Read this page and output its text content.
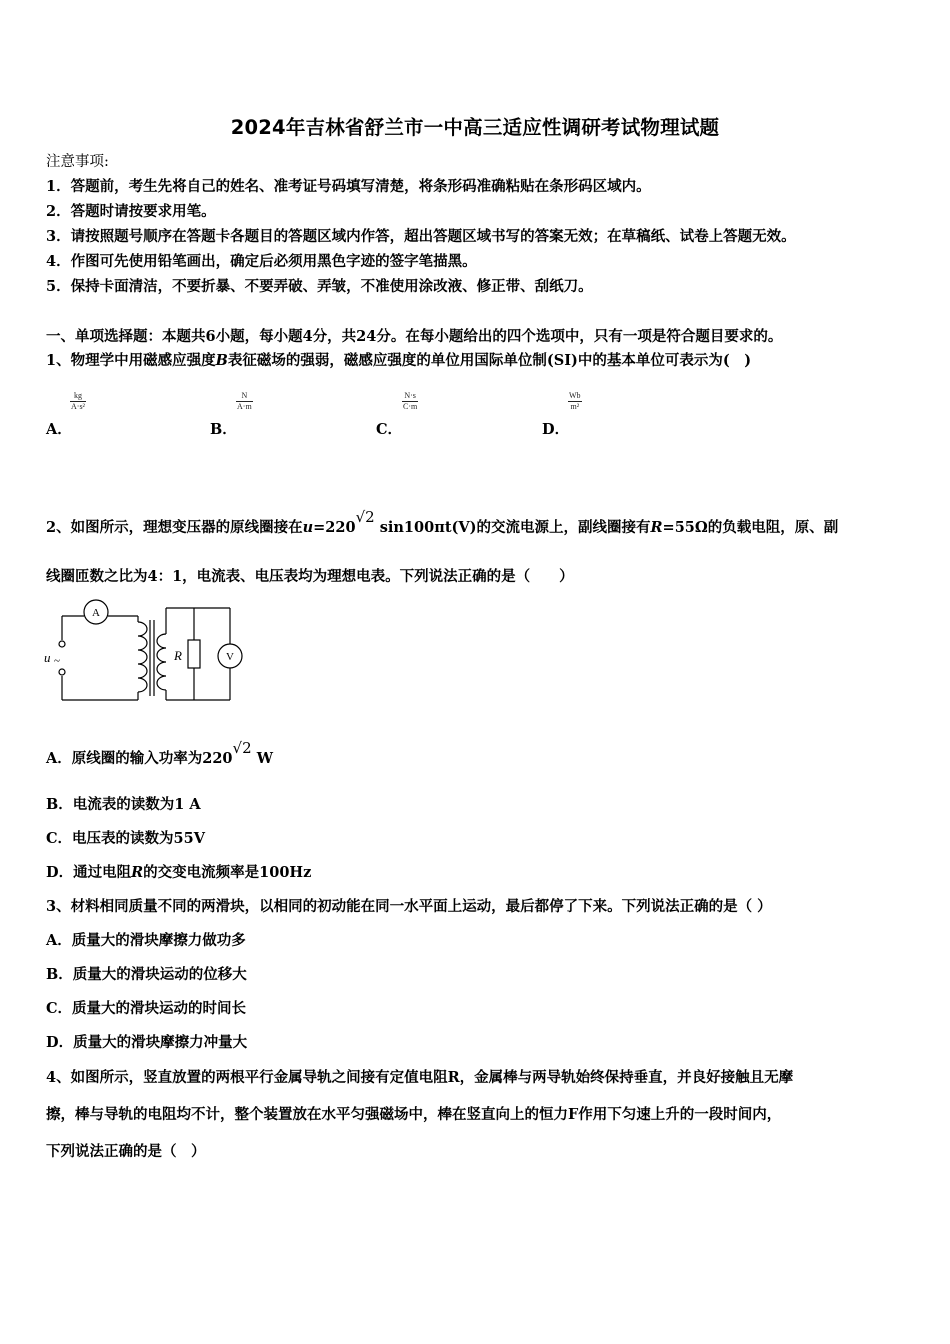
2024年吉林省舒兰市一中高三适应性调研考试物理试题
注意事项:
1．答题前，考生先将自己的姓名、准考证号码填写清楚，将条形码准确粘贴在条形码区域内。
2．答题时请按要求用笔。
3．请按照题号顺序在答题卡各题目的答题区域内作答，超出答题区域书写的答案无效；在草稿纸、试卷上答题无效。
4．作图可先使用铅笔画出，确定后必须用黑色字迹的签字笔描黑。
5．保持卡面清洁，不要折暴、不要弄破、弄皱，不准使用涂改液、修正带、刮纸刀。
一、单项选择题：本题共6小题，每小题4分，共24分。在每小题给出的四个选项中，只有一项是符合题目要求的。
1、物理学中用磁感应强度B表征磁场的强弱，磁感应强度的单位用国际单位制(SI)中的基本单位可表示为(　)
A．
$\frac{kg}{\text{A·s²}}$
B．
$\frac{N}{A\cdot m}$
C．
$\frac{N\cdot s}{C\cdot m}$
D．
$\frac{Wb}{\text{m²}}$
2、如图所示，理想变压器的原线圈接在u=220√2 sin100πt(V)的交流电源上，副线圈接有R=55Ω的负载电阻，原、副
线圈匝数之比为4：1，电流表、电压表均为理想电表。下列说法正确的是（　　）
A
V
R
u ~
A．原线圈的输入功率为220√2 W
B．电流表的读数为1 A
C．电压表的读数为55V
D．通过电阻R的交变电流频率是100Hz
3、材料相同质量不同的两滑块，以相同的初动能在同一水平面上运动，最后都停了下来。下列说法正确的是（ ）
A．质量大的滑块摩擦力做功多
B．质量大的滑块运动的位移大
C．质量大的滑块运动的时间长
D．质量大的滑块摩擦力冲量大
4、如图所示，竖直放置的两根平行金属导轨之间接有定值电阻R，金属棒与两导轨始终保持垂直，并良好接触且无摩
擦，棒与导轨的电阻均不计，整个装置放在水平匀强磁场中，棒在竖直向上的恒力F作用下匀速上升的一段时间内，
下列说法正确的是（　）
